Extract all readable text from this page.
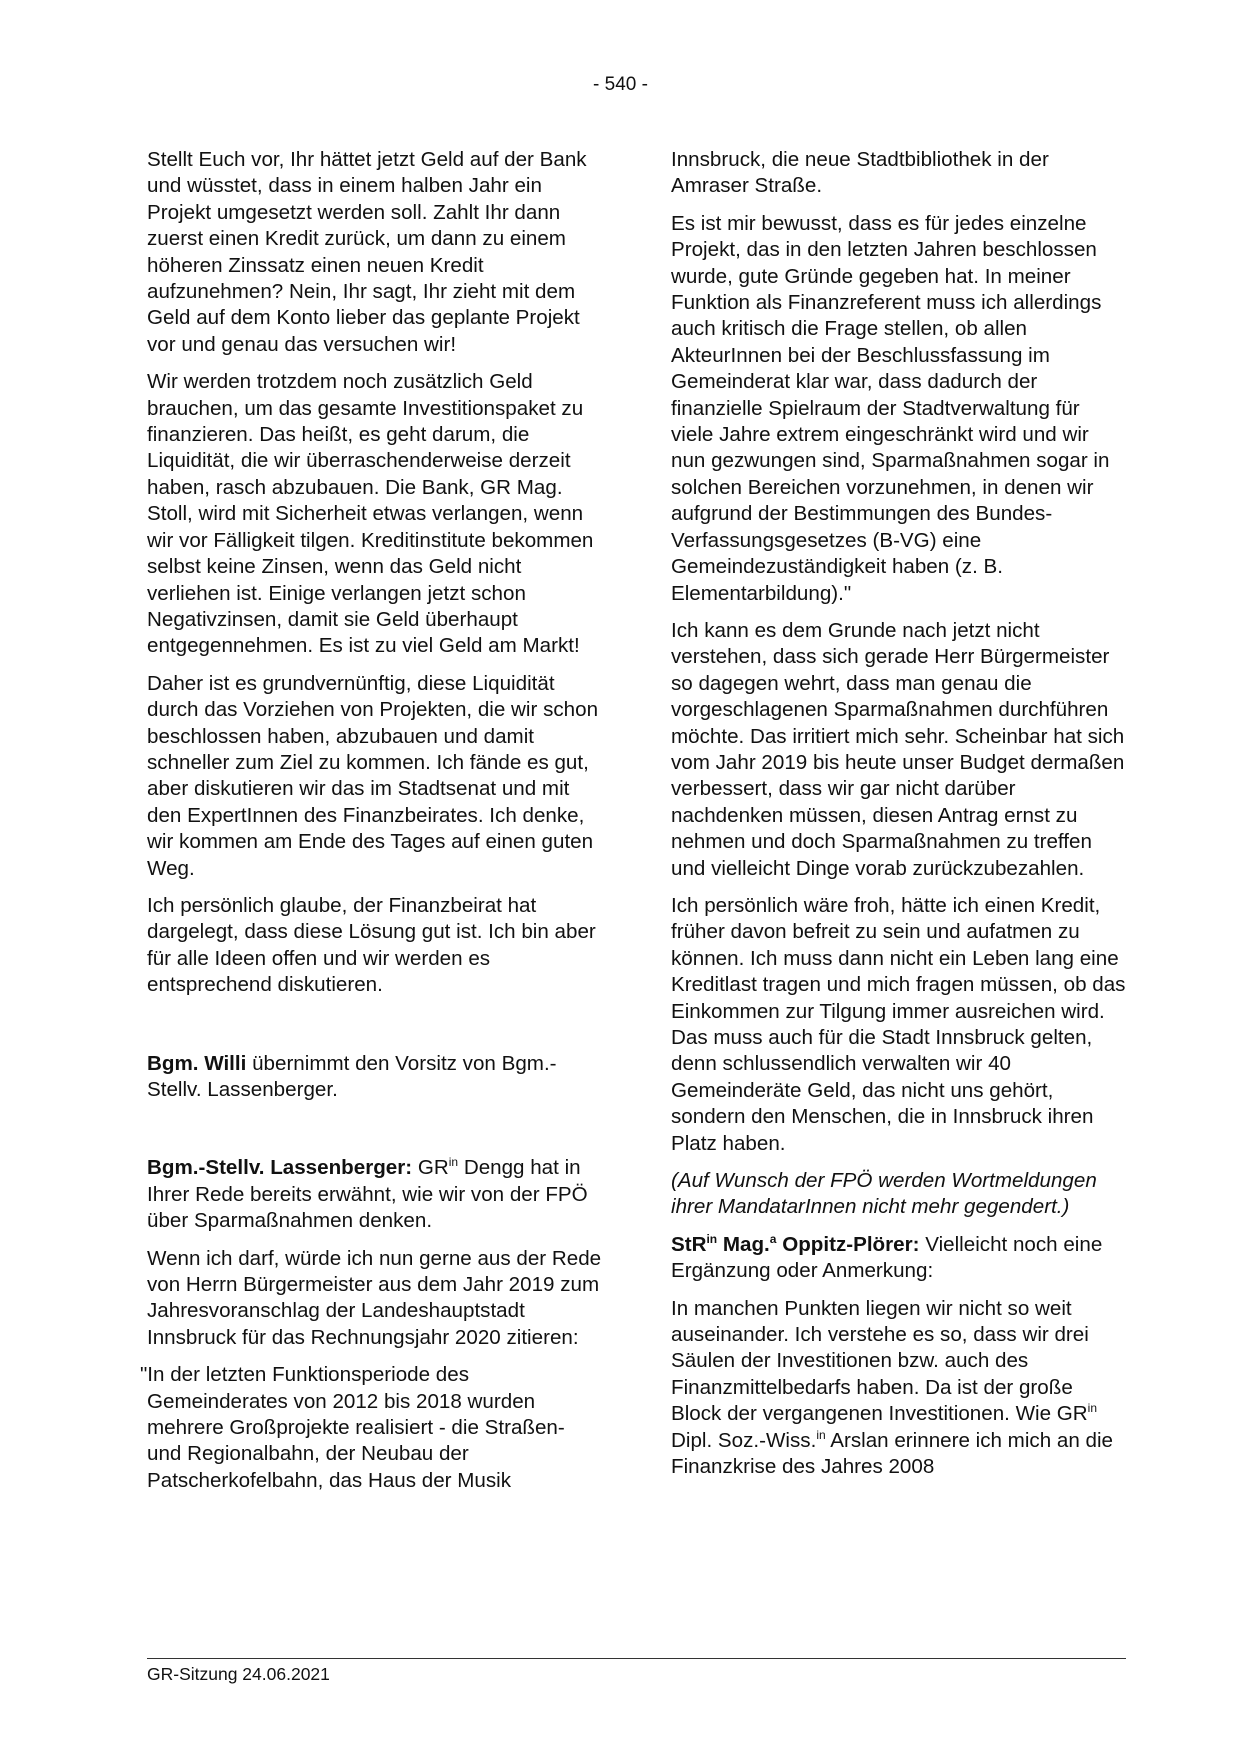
- 540 -

Stellt Euch vor, Ihr hättet jetzt Geld auf der Bank und wüsstet, dass in einem halben Jahr ein Projekt umgesetzt werden soll. Zahlt Ihr dann zuerst einen Kredit zurück, um dann zu einem höheren Zinssatz einen neuen Kredit aufzunehmen? Nein, Ihr sagt, Ihr zieht mit dem Geld auf dem Konto lieber das geplante Projekt vor und genau das versuchen wir!

Wir werden trotzdem noch zusätzlich Geld brauchen, um das gesamte Investitionspaket zu finanzieren. Das heißt, es geht darum, die Liquidität, die wir überraschenderweise derzeit haben, rasch abzubauen. Die Bank, GR Mag. Stoll, wird mit Sicherheit etwas verlangen, wenn wir vor Fälligkeit tilgen. Kreditinstitute bekommen selbst keine Zinsen, wenn das Geld nicht verliehen ist. Einige verlangen jetzt schon Negativzinsen, damit sie Geld überhaupt entgegennehmen. Es ist zu viel Geld am Markt!

Daher ist es grundvernünftig, diese Liquidität durch das Vorziehen von Projekten, die wir schon beschlossen haben, abzubauen und damit schneller zum Ziel zu kommen. Ich fände es gut, aber diskutieren wir das im Stadtsenat und mit den ExpertInnen des Finanzbeirates. Ich denke, wir kommen am Ende des Tages auf einen guten Weg.

Ich persönlich glaube, der Finanzbeirat hat dargelegt, dass diese Lösung gut ist. Ich bin aber für alle Ideen offen und wir werden es entsprechend diskutieren.

Bgm. Willi übernimmt den Vorsitz von Bgm.-Stellv. Lassenberger.

Bgm.-Stellv. Lassenberger: $GR^{in}$ Dengg hat in Ihrer Rede bereits erwähnt, wie wir von der FPÖ über Sparmaßnahmen denken.

Wenn ich darf, würde ich nun gerne aus der Rede von Herrn Bürgermeister aus dem Jahr 2019 zum Jahresvoranschlag der Landeshauptstadt Innsbruck für das Rechnungsjahr 2020 zitieren:

"In der letzten Funktionsperiode des Gemeinderates von 2012 bis 2018 wurden mehrere Großprojekte realisiert - die Straßen- und Regionalbahn, der Neubau der Patscherkofelbahn, das Haus der Musik

Innsbruck, die neue Stadtbibliothek in der Amraser Straße.

Es ist mir bewusst, dass es für jedes einzelne Projekt, das in den letzten Jahren beschlossen wurde, gute Gründe gegeben hat. In meiner Funktion als Finanzreferent muss ich allerdings auch kritisch die Frage stellen, ob allen AkteurInnen bei der Beschlussfassung im Gemeinderat klar war, dass dadurch der finanzielle Spielraum der Stadtverwaltung für viele Jahre extrem eingeschränkt wird und wir nun gezwungen sind, Sparmaßnahmen sogar in solchen Bereichen vorzunehmen, in denen wir aufgrund der Bestimmungen des Bundes-Verfassungsgesetzes (B-VG) eine Gemeindezuständigkeit haben (z. B. Elementarbildung)."

Ich kann es dem Grunde nach jetzt nicht verstehen, dass sich gerade Herr Bürgermeister so dagegen wehrt, dass man genau die vorgeschlagenen Sparmaßnahmen durchführen möchte. Das irritiert mich sehr. Scheinbar hat sich vom Jahr 2019 bis heute unser Budget dermaßen verbessert, dass wir gar nicht darüber nachdenken müssen, diesen Antrag ernst zu nehmen und doch Sparmaßnahmen zu treffen und vielleicht Dinge vorab zurückzubezahlen.

Ich persönlich wäre froh, hätte ich einen Kredit, früher davon befreit zu sein und aufatmen zu können. Ich muss dann nicht ein Leben lang eine Kreditlast tragen und mich fragen müssen, ob das Einkommen zur Tilgung immer ausreichen wird. Das muss auch für die Stadt Innsbruck gelten, denn schlussendlich verwalten wir 40 Gemeinderäte Geld, das nicht uns gehört, sondern den Menschen, die in Innsbruck ihren Platz haben.

(Auf Wunsch der FPÖ werden Wortmeldungen ihrer MandatarInnen nicht mehr gegendert.)

StR$^{in}$ Mag.$^a$ Oppitz-Plörer: Vielleicht noch eine Ergänzung oder Anmerkung:

In manchen Punkten liegen wir nicht so weit auseinander. Ich verstehe es so, dass wir drei Säulen der Investitionen bzw. auch des Finanzmittelbedarfs haben. Da ist der große Block der vergangenen Investitionen. Wie $GR^{in}$ Dipl. Soz.-Wiss.$^{in}$ Arslan erinnere ich mich an die Finanzkrise des Jahres 2008

GR-Sitzung 24.06.2021
